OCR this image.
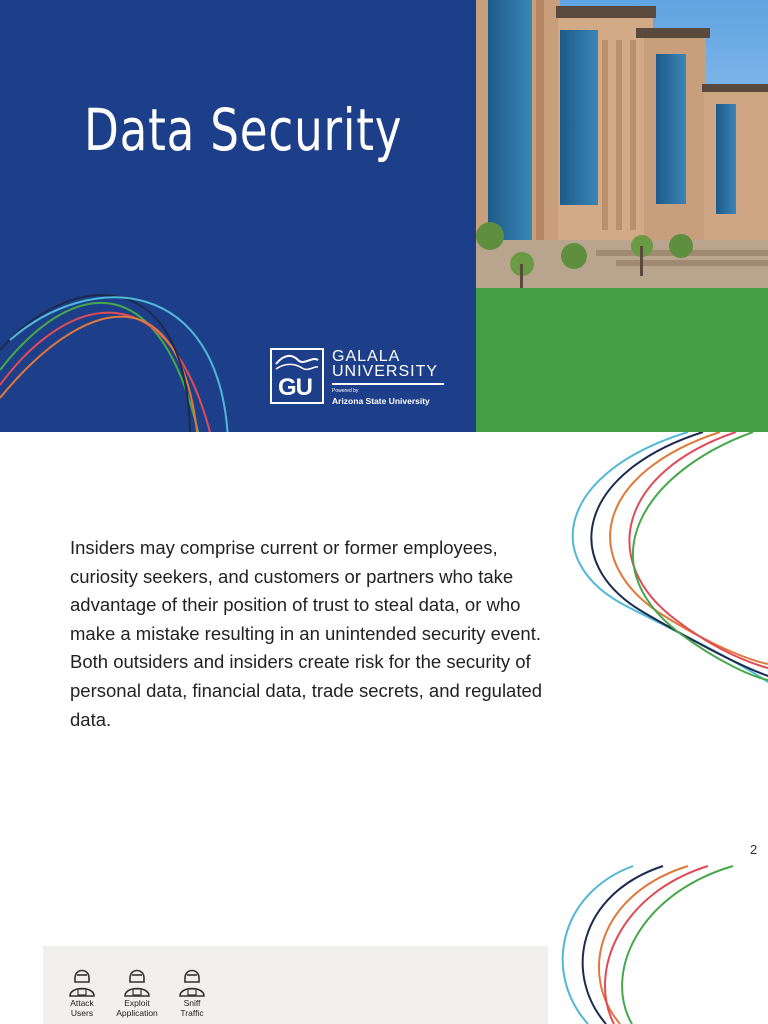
Data Security
GU
GALALA
UNIVERSITY
Powered by
Arizona State University

Insiders may comprise current or former employees, curiosity seekers, and customers or partners who take advantage of their position of trust to steal data, or who make a mistake resulting in an unintended security event. Both outsiders and insiders create risk for the security of personal data, financial data, trade secrets, and regulated data.

2
Attack
Users
Exploit
Application
Sniff
Traffic
